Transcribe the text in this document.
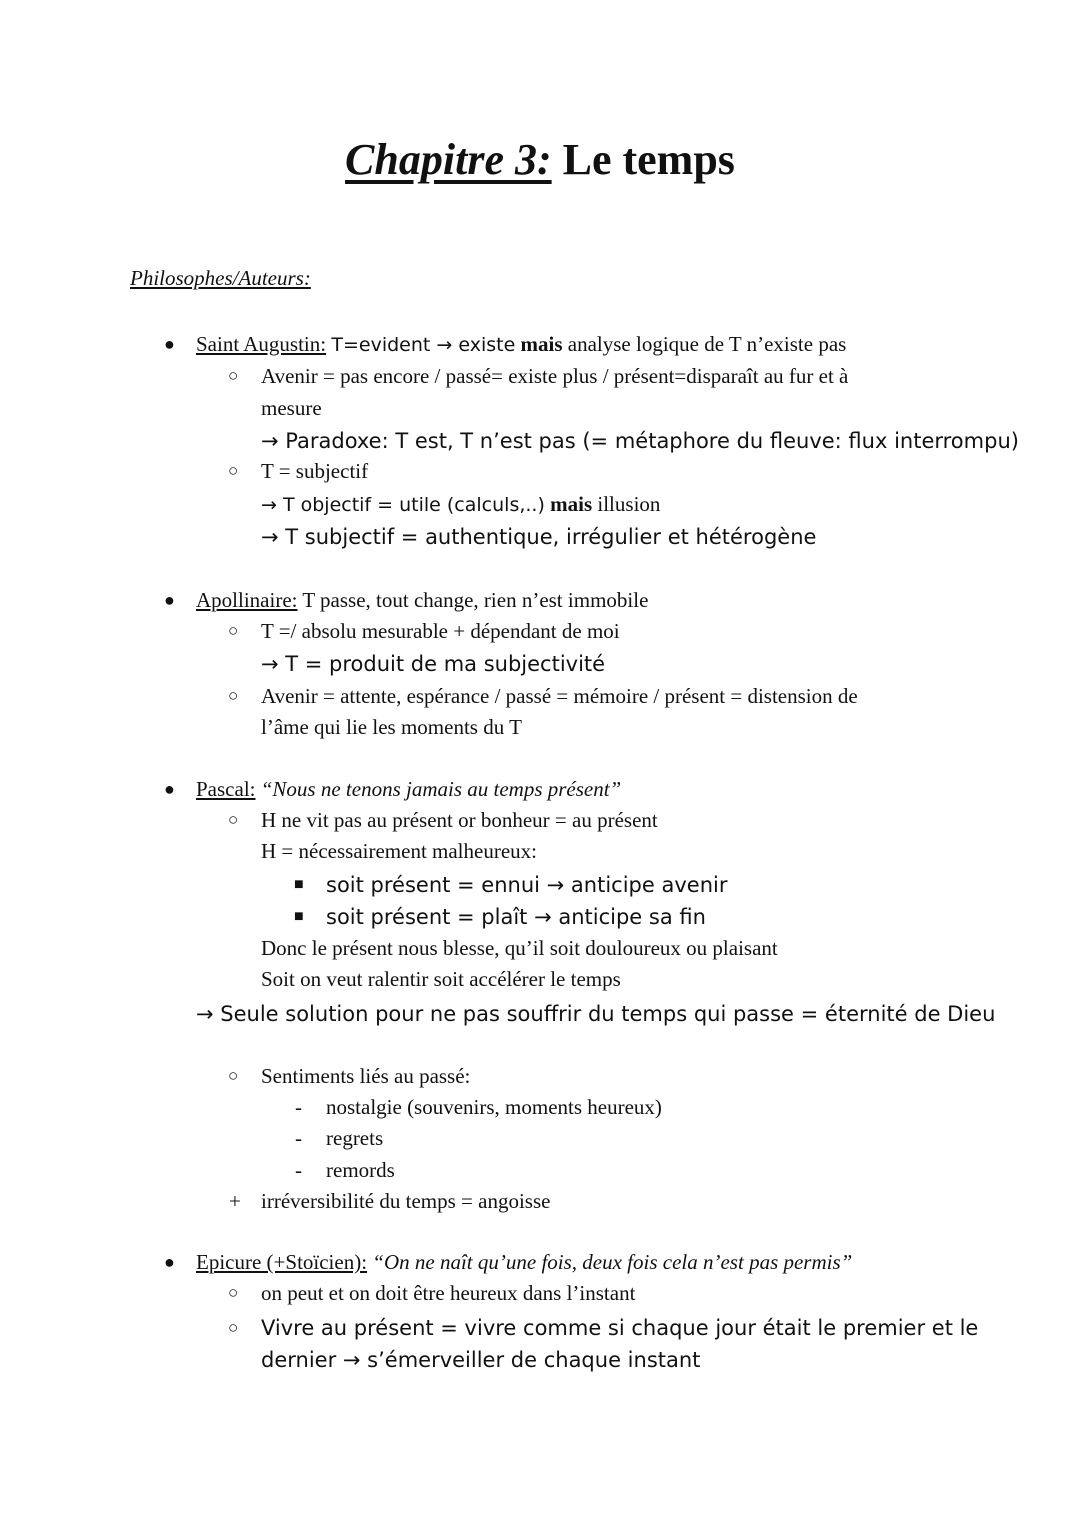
Chapitre 3: Le temps
Philosophes/Auteurs:
● Saint Augustin: T=evident → existe mais analyse logique de T n’existe pas
○ Avenir = pas encore / passé= existe plus / présent=disparaît au fur et à
mesure
→ Paradoxe: T est, T n’est pas (= métaphore du fleuve: flux interrompu)
○ T = subjectif
→ T objectif = utile (calculs,..) mais illusion
→ T subjectif = authentique, irrégulier et hétérogène
● Apollinaire: T passe, tout change, rien n’est immobile
○ T =/ absolu mesurable + dépendant de moi
→ T = produit de ma subjectivité
○ Avenir = attente, espérance / passé = mémoire / présent = distension de
l’âme qui lie les moments du T
● Pascal: “Nous ne tenons jamais au temps présent”
○ H ne vit pas au présent or bonheur = au présent
H = nécessairement malheureux:
■ soit présent = ennui → anticipe avenir
■ soit présent = plaît → anticipe sa fin
Donc le présent nous blesse, qu’il soit douloureux ou plaisant
Soit on veut ralentir soit accélérer le temps
→ Seule solution pour ne pas souffrir du temps qui passe = éternité de Dieu
○ Sentiments liés au passé:
- nostalgie (souvenirs, moments heureux)
- regrets
- remords
+ irréversibilité du temps = angoisse
● Epicure (+Stoïcien): “On ne naît qu’une fois, deux fois cela n’est pas permis”
○ on peut et on doit être heureux dans l’instant
○ Vivre au présent = vivre comme si chaque jour était le premier et le
dernier → s’émerveiller de chaque instant
